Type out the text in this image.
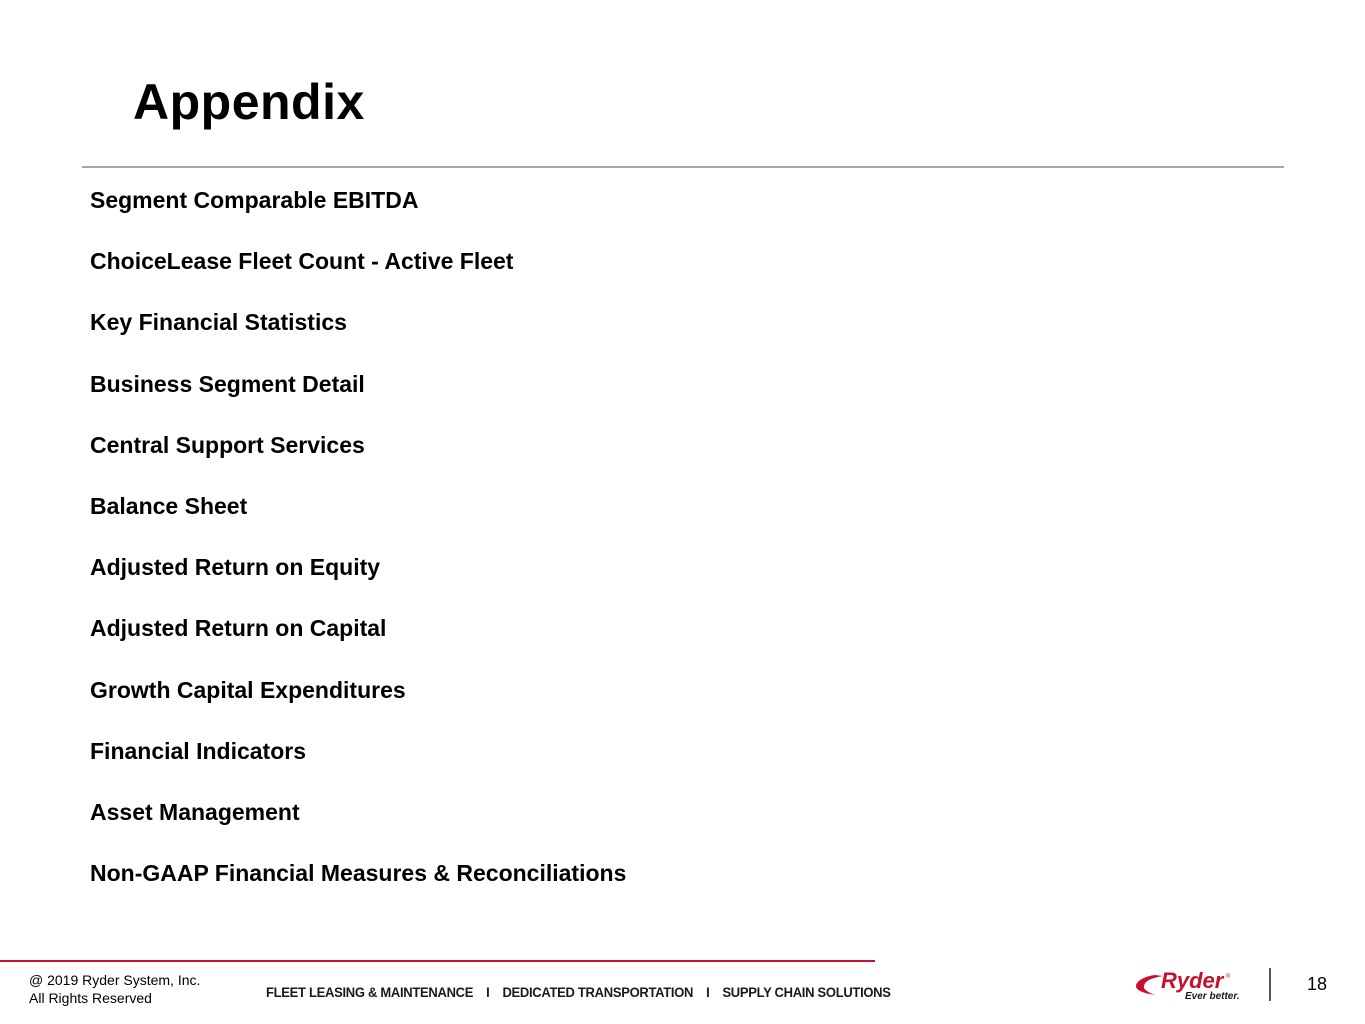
Appendix
Segment Comparable EBITDA
ChoiceLease Fleet Count - Active Fleet
Key Financial Statistics
Business Segment Detail
Central Support Services
Balance Sheet
Adjusted Return on Equity
Adjusted Return on Capital
Growth Capital Expenditures
Financial Indicators
Asset Management
Non-GAAP Financial Measures & Reconciliations
@ 2019 Ryder System, Inc.
All Rights Reserved	FLEET LEASING & MAINTENANCE I DEDICATED TRANSPORTATION I SUPPLY CHAIN SOLUTIONS	Ryder ®
Ever better.
18
